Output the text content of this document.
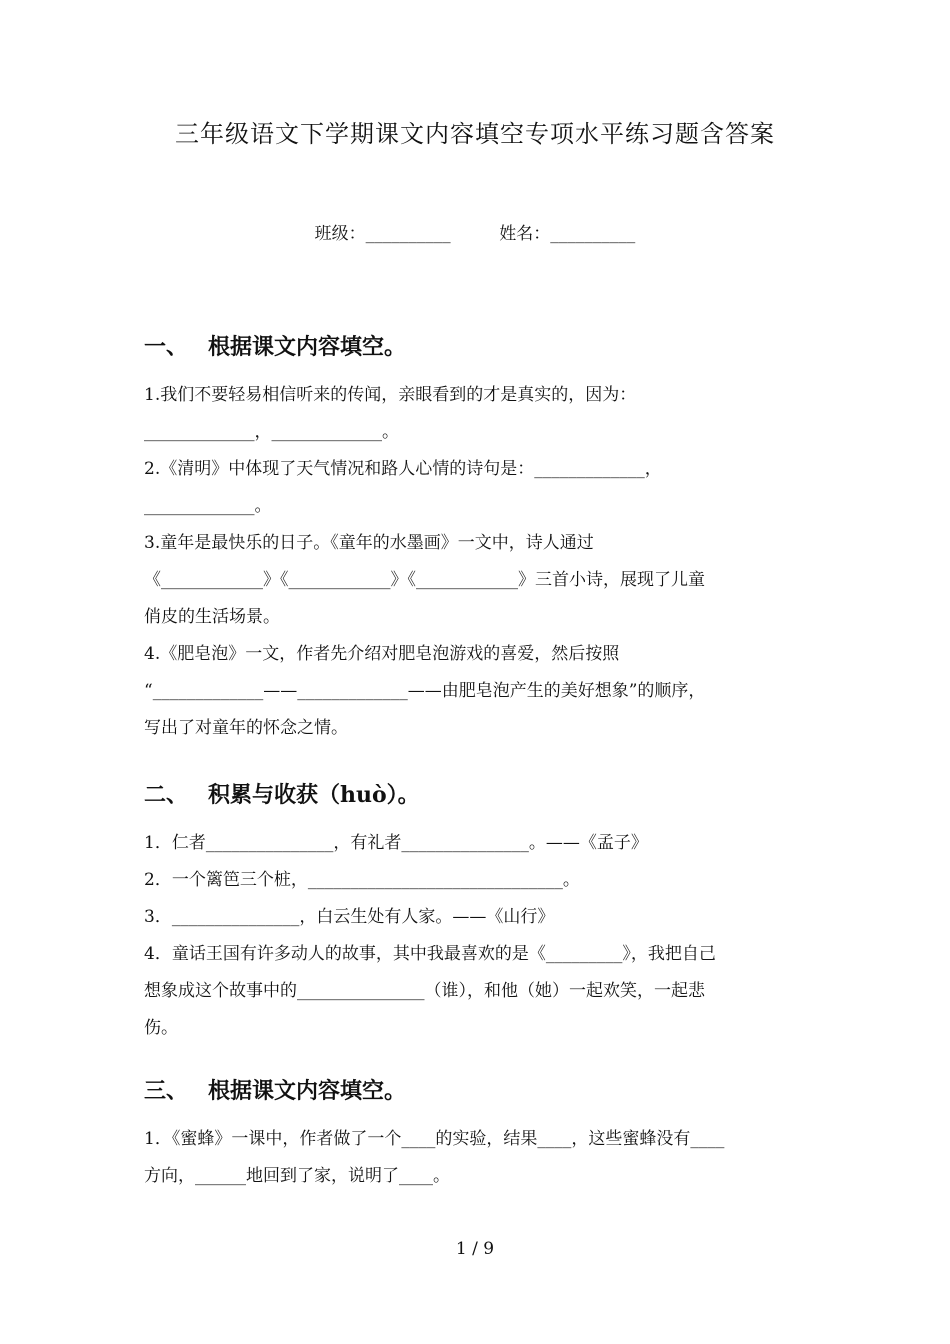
三年级语文下学期课文内容填空专项水平练习题含答案
班级：__________         姓名：__________
一、 根据课文内容填空。

1.我们不要轻易相信听来的传闻，亲眼看到的才是真实的，因为：
_____________，_____________。

2.《清明》中体现了天气情况和路人心情的诗句是：_____________，
_____________。

3.童年是最快乐的日子。《童年的水墨画》一文中，诗人通过
《____________》《____________》《____________》三首小诗，展现了儿童
俏皮的生活场景。

4.《肥皂泡》一文，作者先介绍对肥皂泡游戏的喜爱，然后按照
“_____________——_____________——由肥皂泡产生的美好想象”的顺序，
写出了对童年的怀念之情。

二、 积累与收获（huò）。

1．仁者_______________，有礼者_______________。——《孟子》

2．一个篱笆三个桩，______________________________。

3．_______________，白云生处有人家。——《山行》

4．童话王国有许多动人的故事，其中我最喜欢的是《_________》，我把自己
想象成这个故事中的_______________（谁），和他（她）一起欢笑，一起悲
伤。

三、 根据课文内容填空。

1．《蜜蜂》一课中，作者做了一个____的实验，结果____，这些蜜蜂没有____
方向，______地回到了家，说明了____。

1 / 9
